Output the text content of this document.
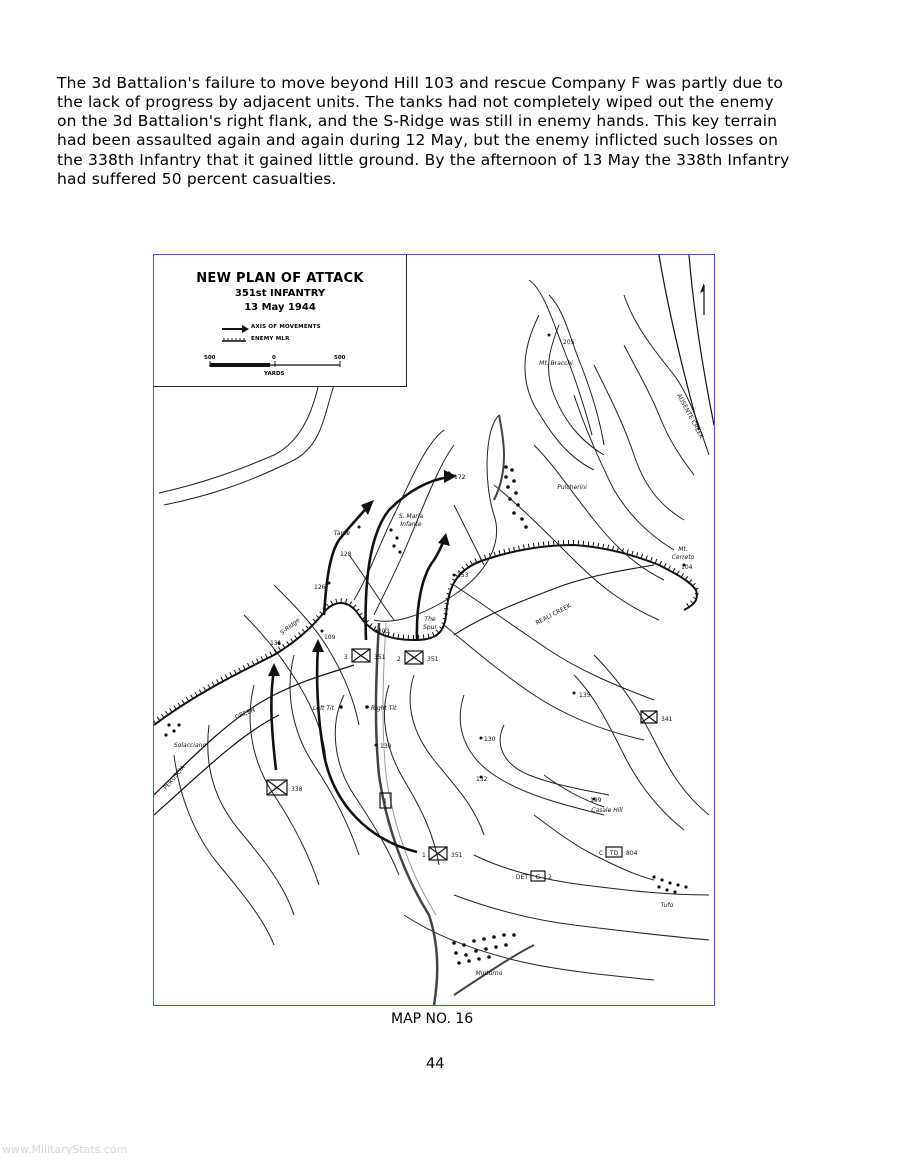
The 3d Battalion's failure to move beyond Hill 103 and rescue Company F was partly due to the lack of progress by adjacent units. The tanks had not completely wiped out the enemy on the 3d Battalion's right flank, and the S-Ridge was still in enemy hands. This key terrain had been assaulted again and again during 12 May, but the enemy inflicted such losses on the 338th Infantry that it gained little ground. By the afternoon of 13 May the 338th Infantry had suffered 50 percent casualties.

Mt. Bracchi
Pulcherini
S. Maria
Infante
Tame
S-Ridge	The
Spur
Left Tit	Right Tit
Solacciano
Casale Hill
Mt.
Cerreto
Tufo
Minturno
AUSENTE CREEK
REALI CREEK
PERUSCIA
GREEN
205
172
128
126
109
103
153
131
130
130
135
132
199
104
3	351 2	351
1	351
338
341
C TD 804
DET G 2
1
NEW PLAN OF ATTACK
351st INFANTRY
13 May 1944
AXIS OF MOVEMENTS
ENEMY MLR
500	0	500
YARDS
MAP NO. 16
44
www.MilitaryStats.com
